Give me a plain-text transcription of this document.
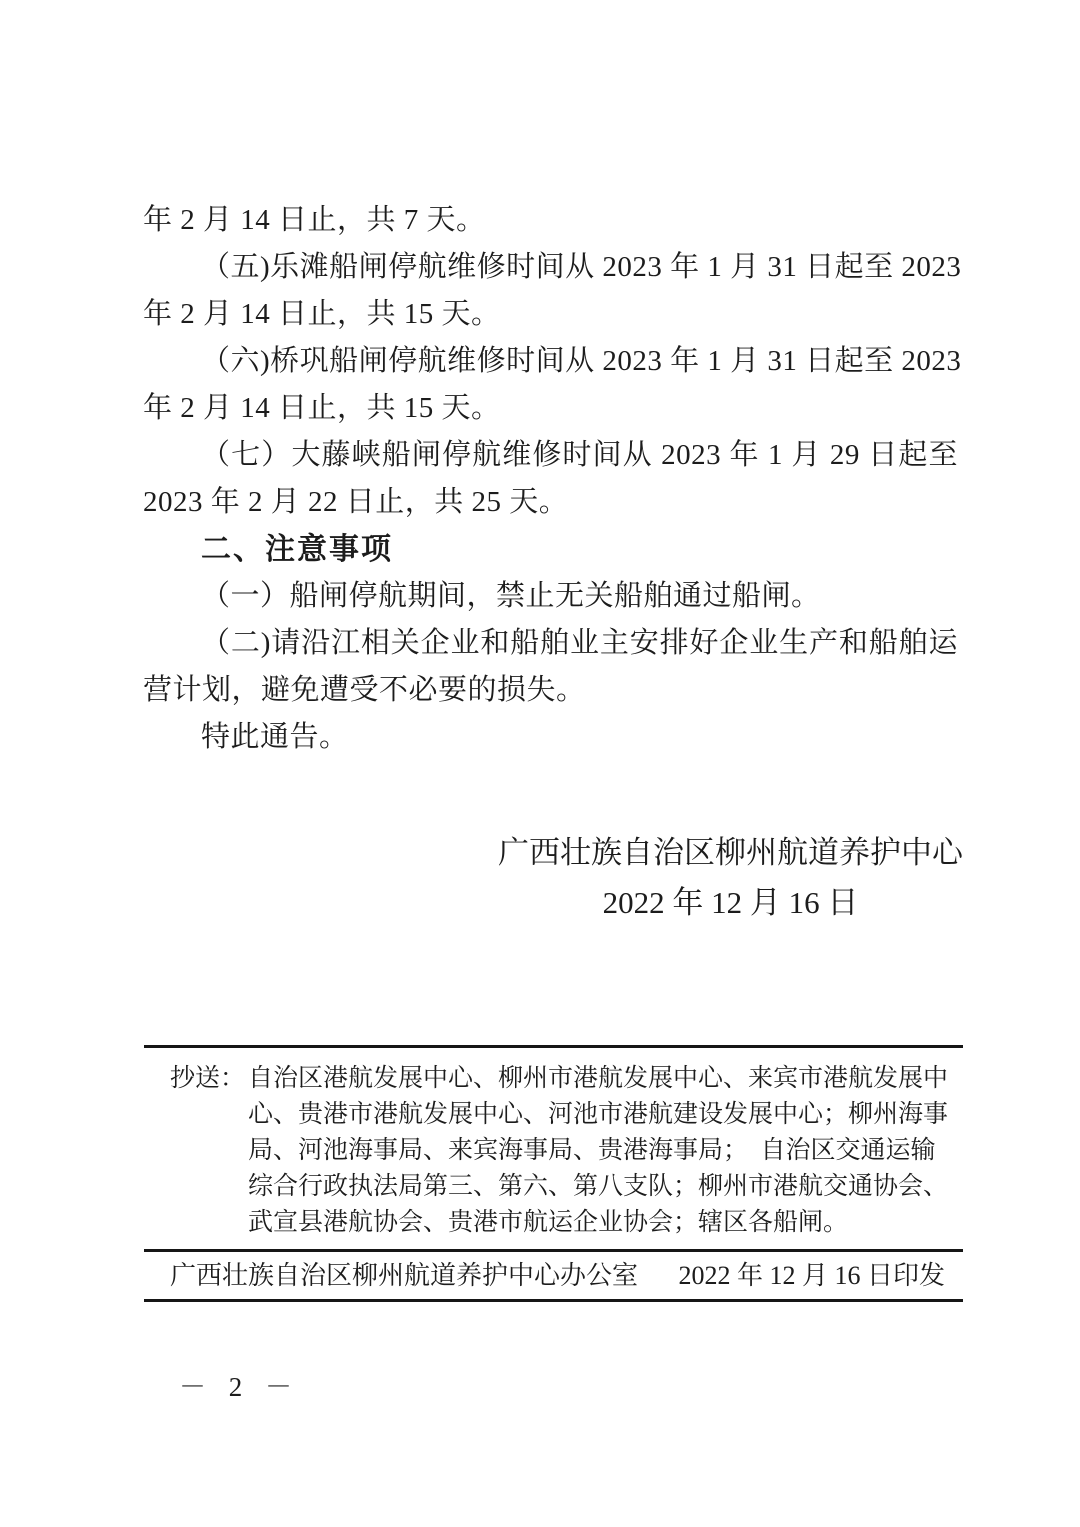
年 2 月 14 日止，共 7 天。

（五)乐滩船闸停航维修时间从 2023 年 1 月 31 日起至 2023

年 2 月 14 日止，共 15 天。

（六)桥巩船闸停航维修时间从 2023 年 1 月 31 日起至 2023

年 2 月 14 日止，共 15 天。

（七）大藤峡船闸停航维修时间从 2023 年 1 月 29 日起至

2023 年 2 月 22 日止，共 25 天。

二、注意事项

（一）船闸停航期间，禁止无关船舶通过船闸。

（二)请沿江相关企业和船舶业主安排好企业生产和船舶运

营计划，避免遭受不必要的损失。

特此通告。

广西壮族自治区柳州航道养护中心

2022 年 12 月 16 日

抄送： 自治区港航发展中心、柳州市港航发展中心、来宾市港航发展中

心、贵港市港航发展中心、河池市港航建设发展中心；柳州海事

局、河池海事局、来宾海事局、贵港海事局；　自治区交通运输

综合行政执法局第三、第六、第八支队；柳州市港航交通协会、

武宣县港航协会、贵港市航运企业协会；辖区各船闸。

广西壮族自治区柳州航道养护中心办公室 2022 年 12 月 16 日印发
－ 2 －
